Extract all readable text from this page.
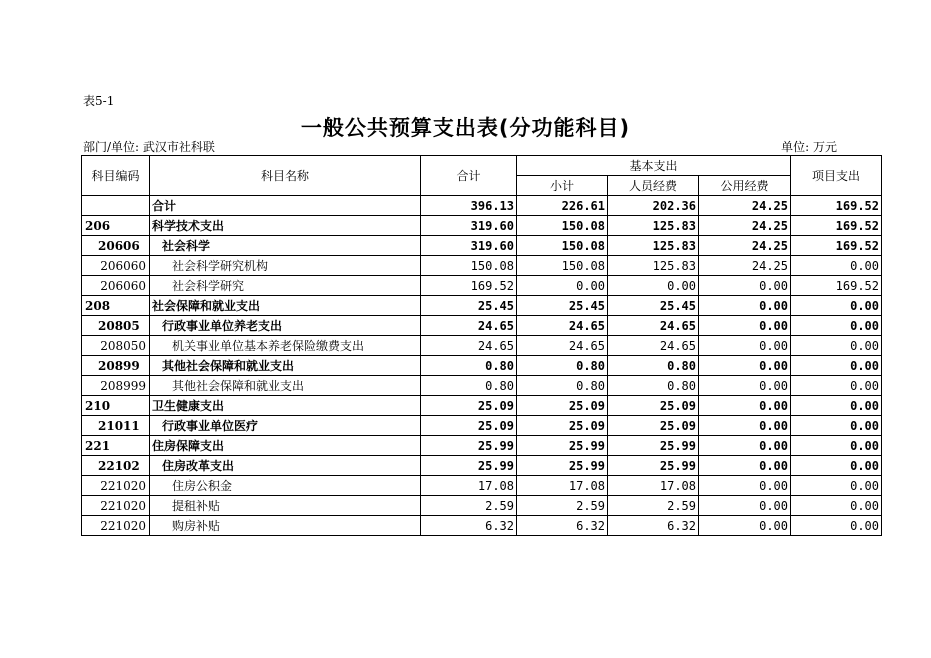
表5-1
一般公共预算支出表(分功能科目)
部门/单位: 武汉市社科联	单位: 万元
科目编码	科目名称	合计	基本支出			项目支出
			小计	人员经费	公用经费	
	合计	396.13	226.61	202.36	24.25	169.52
206	科学技术支出	319.60	150.08	125.83	24.25	169.52
20606	社会科学	319.60	150.08	125.83	24.25	169.52
206060	社会科学研究机构	150.08	150.08	125.83	24.25	0.00
206060	社会科学研究	169.52	0.00	0.00	0.00	169.52
208	社会保障和就业支出	25.45	25.45	25.45	0.00	0.00
20805	行政事业单位养老支出	24.65	24.65	24.65	0.00	0.00
208050	机关事业单位基本养老保险缴费支出	24.65	24.65	24.65	0.00	0.00
20899	其他社会保障和就业支出	0.80	0.80	0.80	0.00	0.00
208999	其他社会保障和就业支出	0.80	0.80	0.80	0.00	0.00
210	卫生健康支出	25.09	25.09	25.09	0.00	0.00
21011	行政事业单位医疗	25.09	25.09	25.09	0.00	0.00
221	住房保障支出	25.99	25.99	25.99	0.00	0.00
22102	住房改革支出	25.99	25.99	25.99	0.00	0.00
221020	住房公积金	17.08	17.08	17.08	0.00	0.00
221020	提租补贴	2.59	2.59	2.59	0.00	0.00
221020	购房补贴	6.32	6.32	6.32	0.00	0.00
